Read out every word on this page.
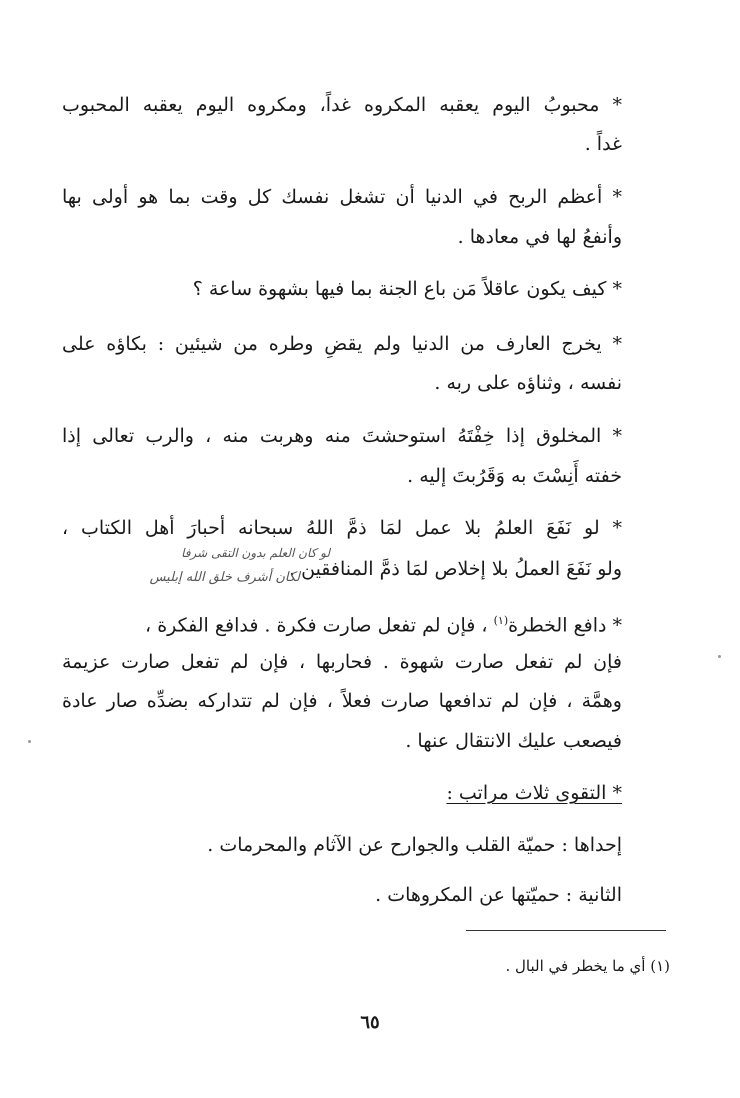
* محبوبُ اليوم يعقبه المكروه غداً، ومكروه اليوم يعقبه المحبوب
غداً .
* أعظم الربح في الدنيا أن تشغل نفسك كل وقت بما هو أولى بها
وأنفعُ لها في معادها .
* كيف يكون عاقلاً مَن باع الجنة بما فيها بشهوة ساعة ؟
* يخرج العارف من الدنيا ولم يقضِ وطره من شيئين : بكاؤه على
نفسه ، وثناؤه على ربه .
* المخلوق إذا خِفْتَهُ استوحشتَ منه وهربت منه ، والرب تعالى إذا
خفته أَنِسْتَ به وَقَرُبتَ إليه .
* لو نَفَعَ العلمُ بلا عمل لمَا ذمَّ اللهُ سبحانه أحبارَ أهل الكتاب ،
ولو نَفَعَ العملُ بلا إخلاص لمَا ذمَّ المنافقين .
لو كان العلم بدون التقى شرفا
لكان أشرف خلق الله إبليس
* دافع الخطرة$^{(١)}$ ، فإن لم تفعل صارت فكرة . فدافع الفكرة ،
فإن لم تفعل صارت شهوة . فحاربها ، فإن لم تفعل صارت عزيمة
وهمَّة ، فإن لم تدافعها صارت فعلاً ، فإن لم تتداركه بضدِّه صار عادة
فيصعب عليك الانتقال عنها .
* التقوى ثلاث مراتب :
إحداها : حميّة القلب والجوارح عن الآثام والمحرمات .
الثانية : حميّتها عن المكروهات .
(١) أي ما يخطر في البال .
٦٥
